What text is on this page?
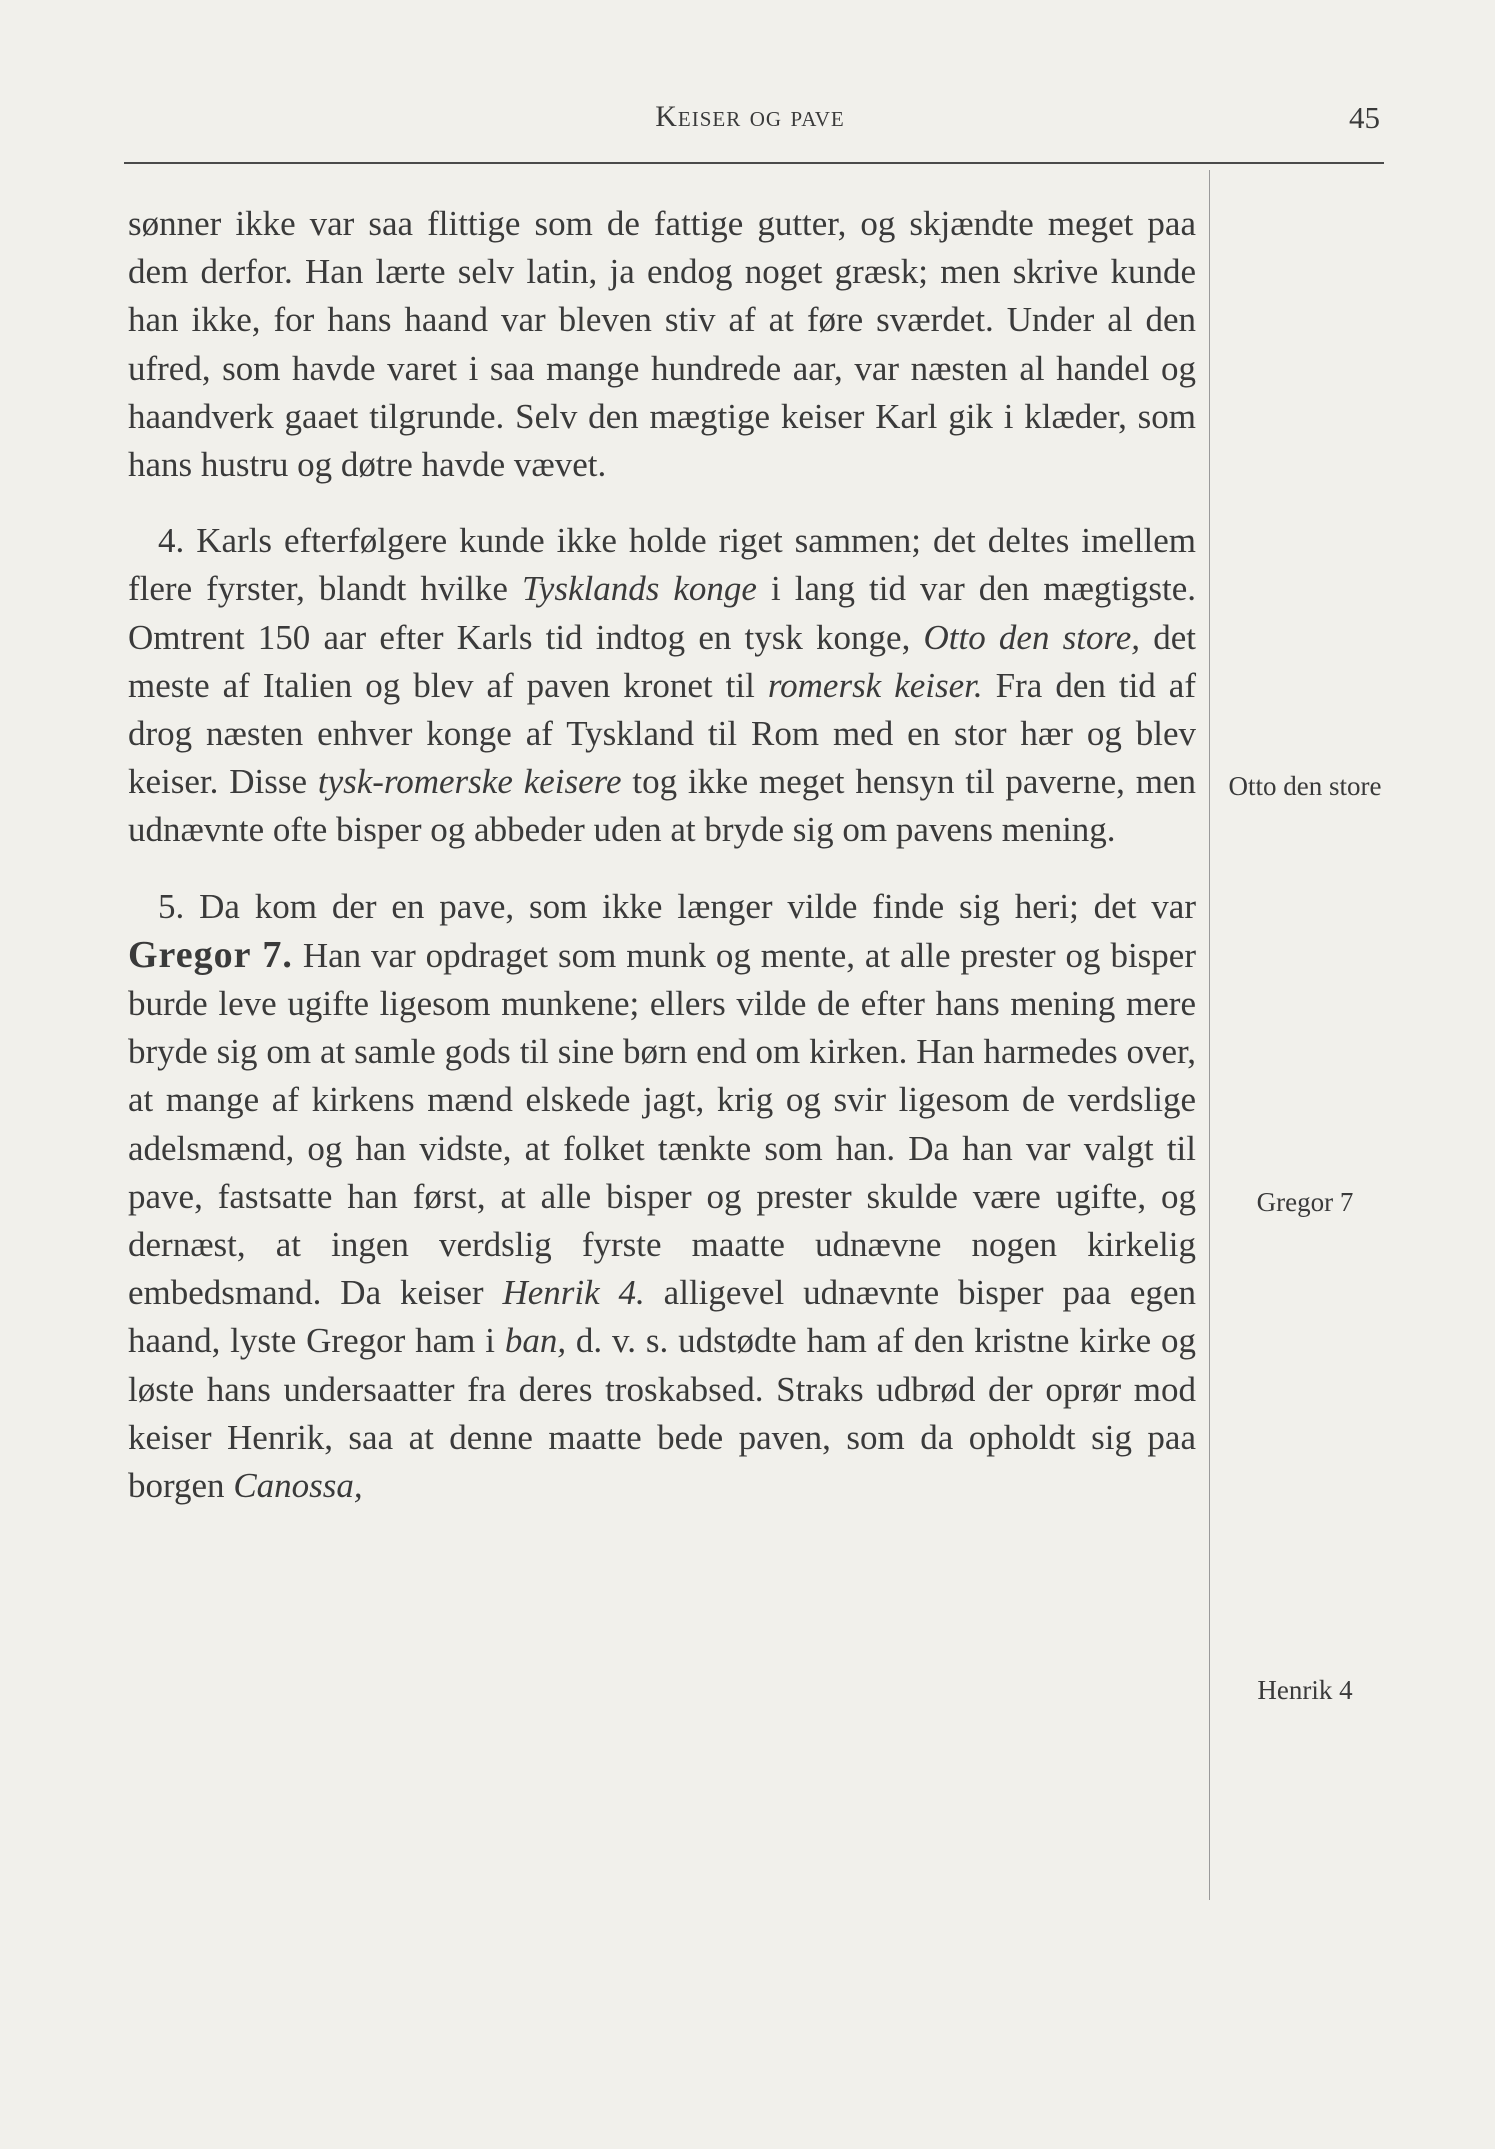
Keiser og pave	45

sønner ikke var saa flittige som de fattige gutter, og skjændte meget paa dem derfor. Han lærte selv latin, ja endog noget græsk; men skrive kunde han ikke, for hans haand var bleven stiv af at føre sværdet. Under al den ufred, som havde varet i saa mange hundrede aar, var næsten al handel og haandverk gaaet tilgrunde. Selv den mægtige keiser Karl gik i klæder, som hans hustru og døtre havde vævet.

4. Karls efterfølgere kunde ikke holde riget sammen; det deltes imellem flere fyrster, blandt hvilke Tysklands konge i lang tid var den mægtigste. Omtrent 150 aar efter Karls tid indtog en tysk konge, Otto den store, det meste af Italien og blev af paven kronet til romersk keiser. Fra den tid af drog næsten enhver konge af Tyskland til Rom med en stor hær og blev keiser. Disse tysk-romerske keisere tog ikke meget hensyn til paverne, men udnævnte ofte bisper og abbeder uden at bryde sig om pavens mening.

5. Da kom der en pave, som ikke længer vilde finde sig heri; det var Gregor 7. Han var opdraget som munk og mente, at alle prester og bisper burde leve ugifte ligesom munkene; ellers vilde de efter hans mening mere bryde sig om at samle gods til sine børn end om kirken. Han harmedes over, at mange af kirkens mænd elskede jagt, krig og svir ligesom de verdslige adelsmænd, og han vidste, at folket tænkte som han. Da han var valgt til pave, fastsatte han først, at alle bisper og prester skulde være ugifte, og dernæst, at ingen verdslig fyrste maatte udnævne nogen kirkelig embedsmand. Da keiser Henrik 4. alligevel udnævnte bisper paa egen haand, lyste Gregor ham i ban, d. v. s. udstødte ham af den kristne kirke og løste hans undersaatter fra deres troskabsed. Straks udbrød der oprør mod keiser Henrik, saa at denne maatte bede paven, som da opholdt sig paa borgen Canossa,

Otto den store
Gregor 7
Henrik 4
